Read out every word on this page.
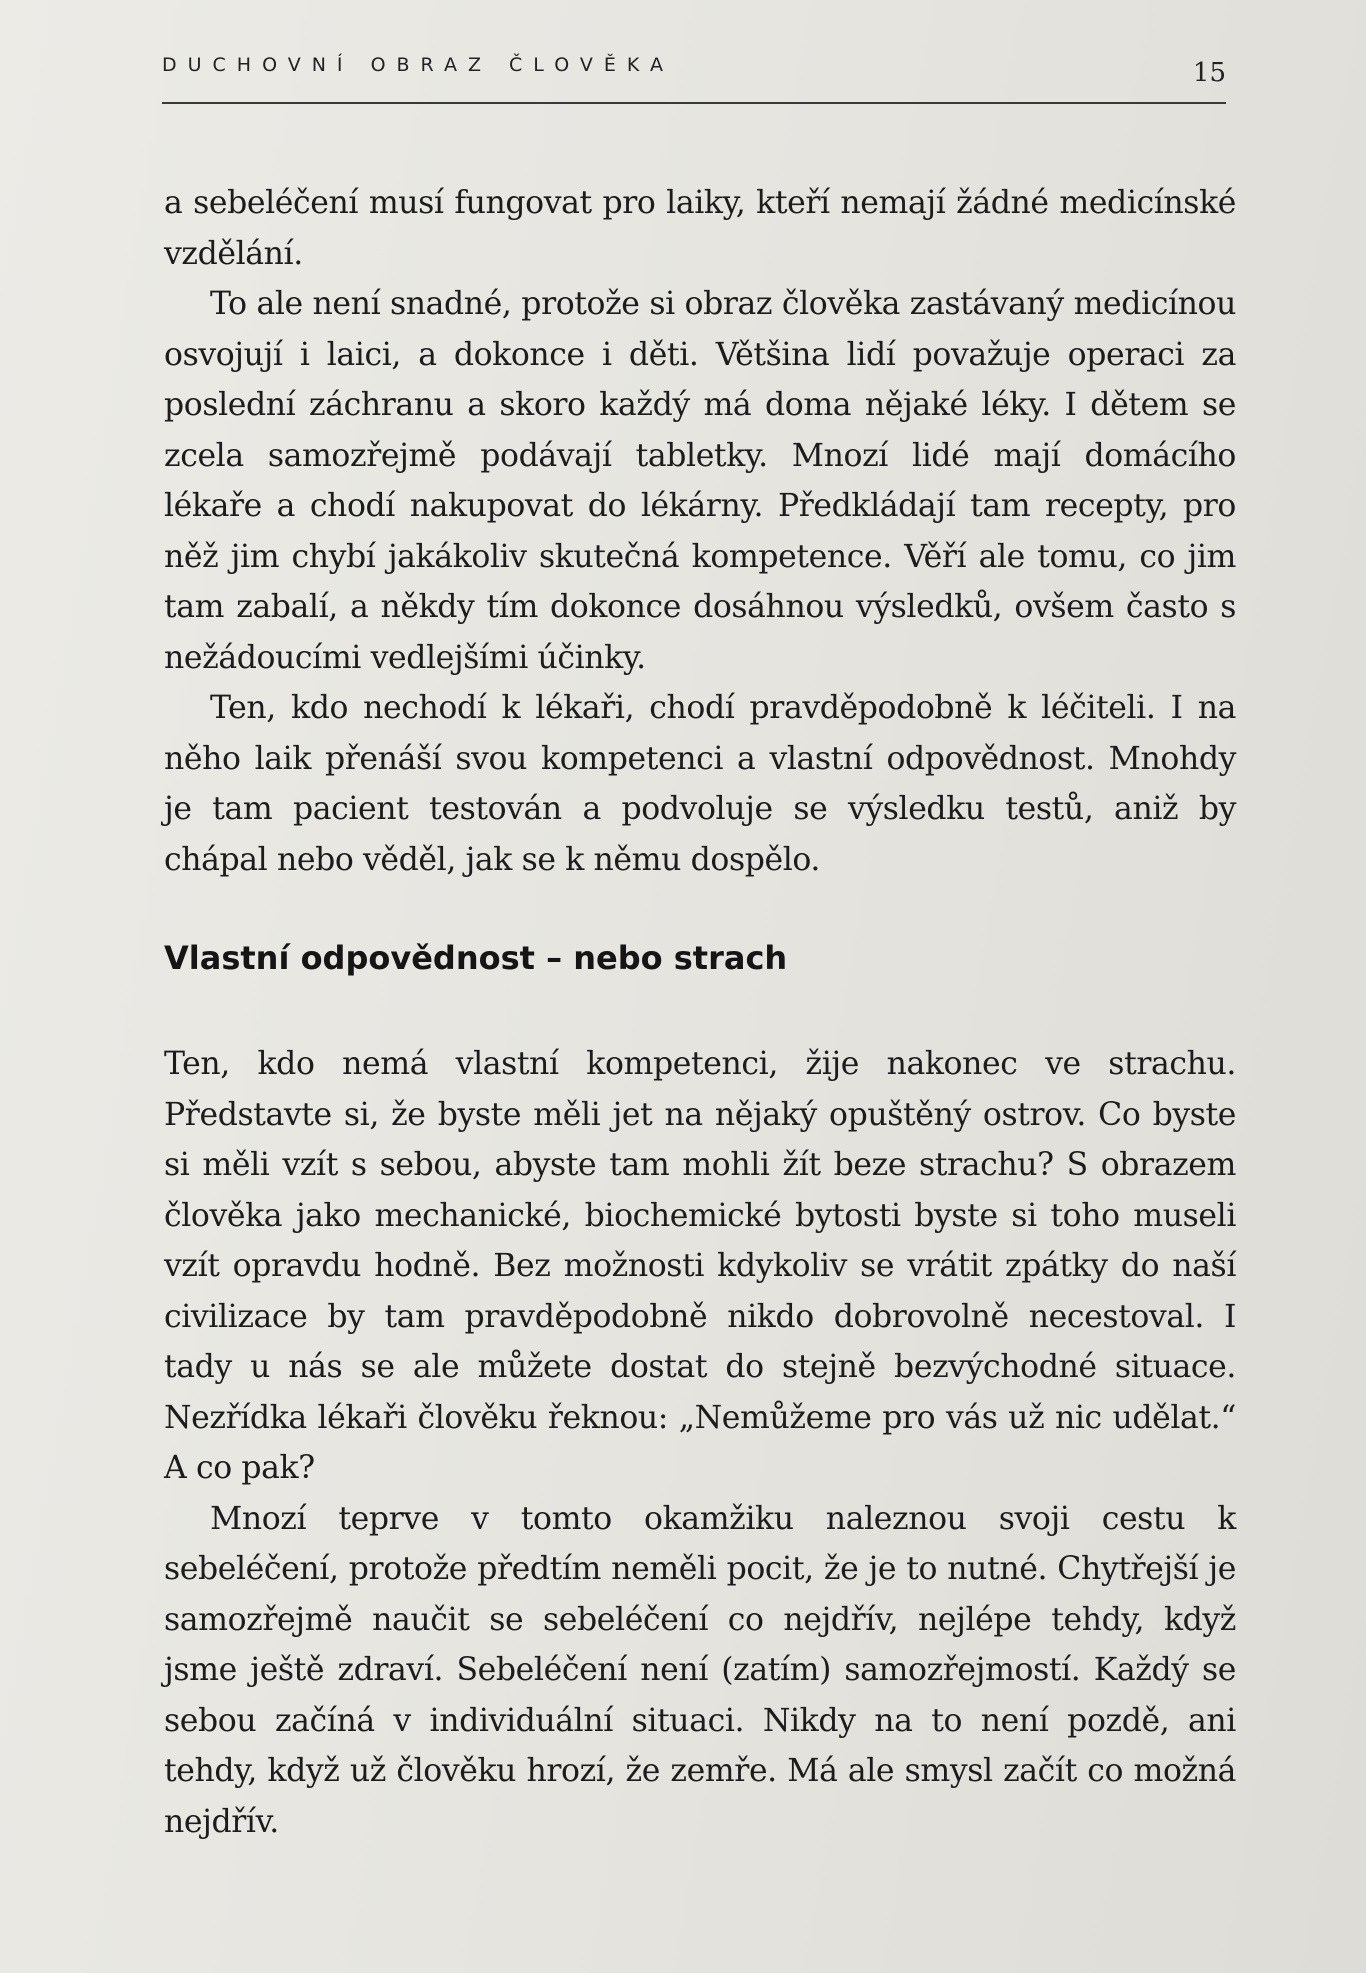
DUCHOVNÍ OBRAZ ČLOVĚKA	15

a sebeléčení musí fungovat pro laiky, kteří nemají žádné medicínské vzdělání.

To ale není snadné, protože si obraz člověka zastávaný medicínou osvojují i laici, a dokonce i děti. Většina lidí považuje operaci za poslední záchranu a skoro každý má doma nějaké léky. I dětem se zcela samozřejmě podávají tabletky. Mnozí lidé mají domácího lékaře a chodí nakupovat do lékárny. Předkládají tam recepty, pro něž jim chybí jakákoliv skutečná kompetence. Věří ale tomu, co jim tam zabalí, a někdy tím dokonce dosáhnou výsledků, ovšem často s nežádoucími vedlejšími účinky.

Ten, kdo nechodí k lékaři, chodí pravděpodobně k léčiteli. I na něho laik přenáší svou kompetenci a vlastní odpovědnost. Mnohdy je tam pacient testován a podvoluje se výsledku testů, aniž by chápal nebo věděl, jak se k němu dospělo.

Vlastní odpovědnost – nebo strach

Ten, kdo nemá vlastní kompetenci, žije nakonec ve strachu. Představte si, že byste měli jet na nějaký opuštěný ostrov. Co byste si měli vzít s sebou, abyste tam mohli žít beze strachu? S obrazem člověka jako mechanické, biochemické bytosti byste si toho museli vzít opravdu hodně. Bez možnosti kdykoliv se vrátit zpátky do naší civilizace by tam pravděpodobně nikdo dobrovolně necestoval. I tady u nás se ale můžete dostat do stejně bezvýchodné situace. Nezřídka lékaři člověku řeknou: „Nemůžeme pro vás už nic udělat.“ A co pak?

Mnozí teprve v tomto okamžiku naleznou svoji cestu k sebeléčení, protože předtím neměli pocit, že je to nutné. Chytřejší je samozřejmě naučit se sebeléčení co nejdřív, nejlépe tehdy, když jsme ještě zdraví. Sebeléčení není (zatím) samozřejmostí. Každý se sebou začíná v individuální situaci. Nikdy na to není pozdě, ani tehdy, když už člověku hrozí, že zemře. Má ale smysl začít co možná nejdřív.
